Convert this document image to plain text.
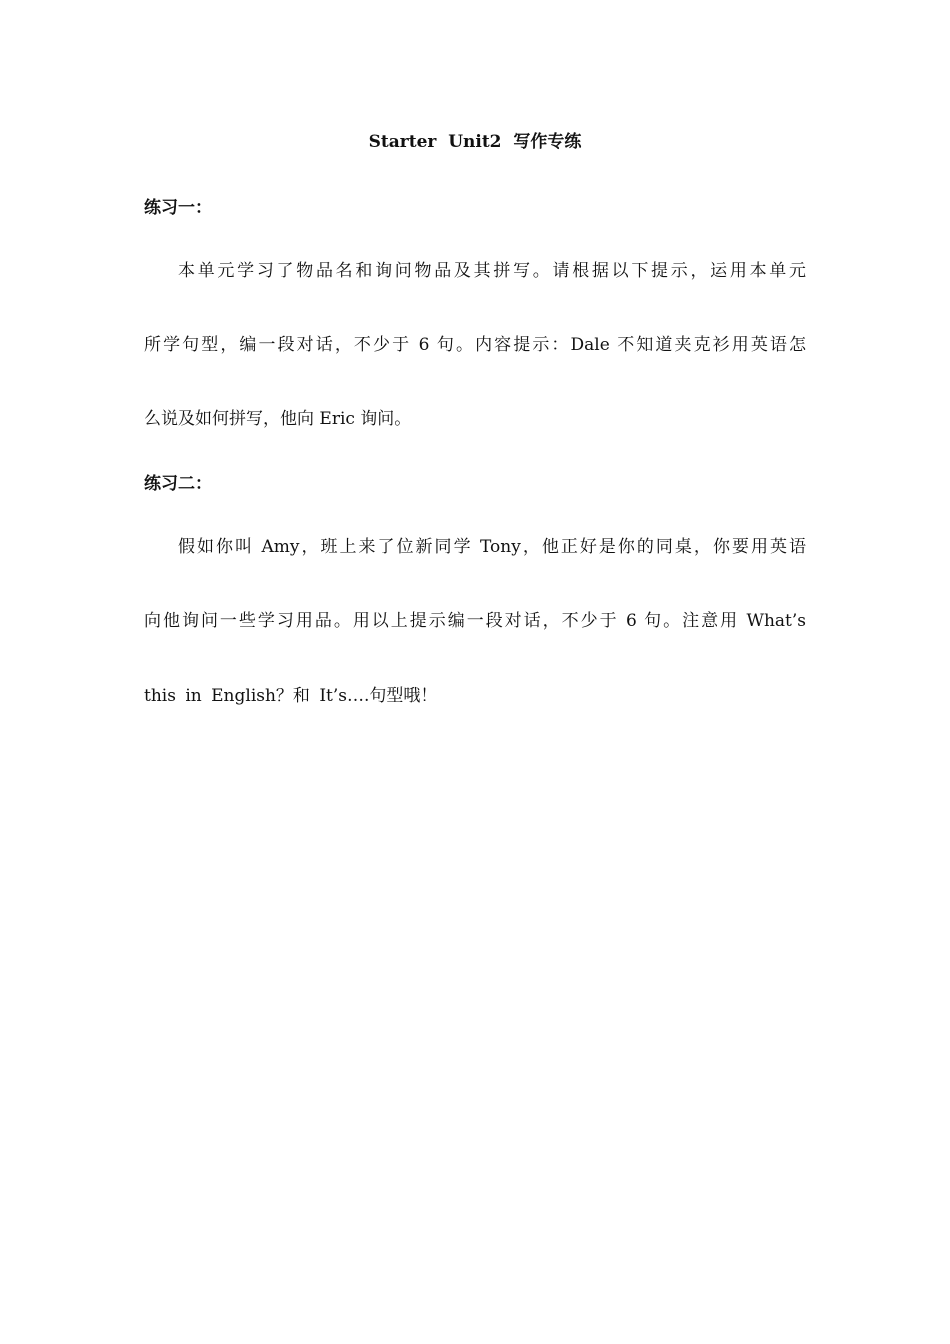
Starter  Unit2  写作专练
练习一：
本单元学习了物品名和询问物品及其拼写。请根据以下提示，运用本单元
所学句型，编一段对话，不少于 6 句。内容提示：Dale 不知道夹克衫用英语怎
么说及如何拼写，他向 Eric 询问。
练习二：
假如你叫 Amy，班上来了位新同学 Tony，他正好是你的同桌，你要用英语
向他询问一些学习用品。用以上提示编一段对话，不少于 6 句。注意用 What’s
this in English？和 It’s….句型哦！
